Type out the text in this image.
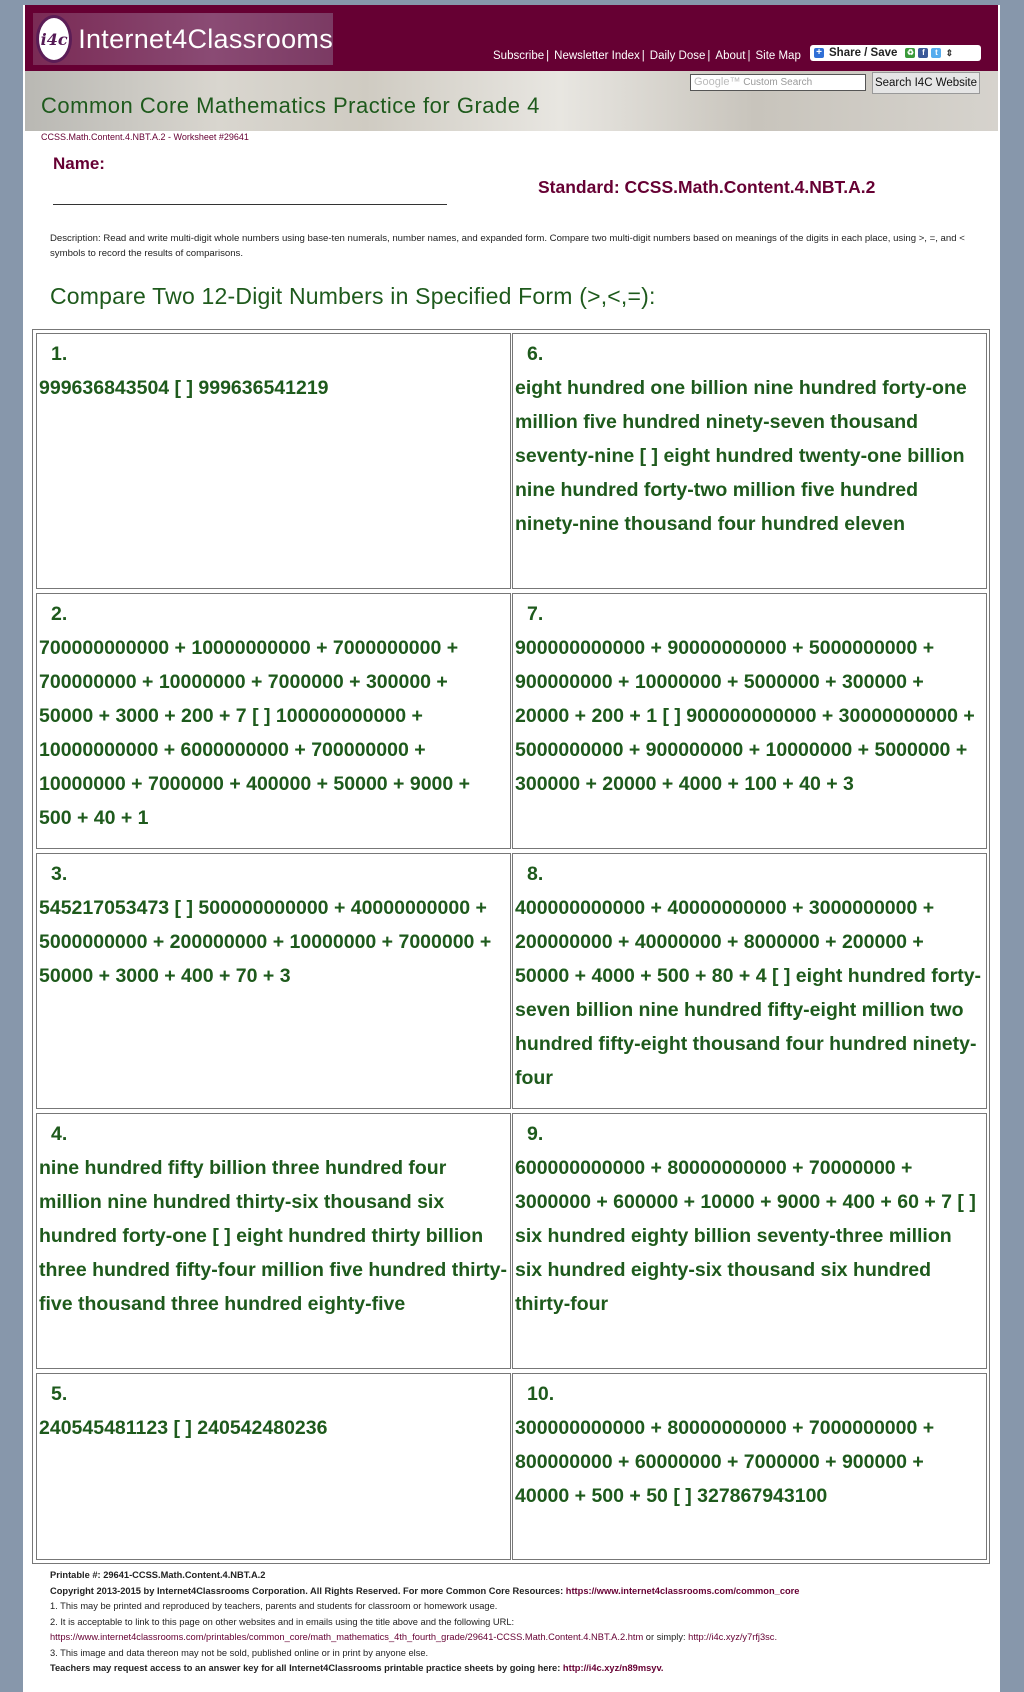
i4c Internet4Classrooms
Subscribe | Newsletter Index | Daily Dose | About | Site Map + Share / Save ♻	f	t ⇕
Common Core Mathematics Practice for Grade 4
Google™ Custom Search	Search I4C Website
CCSS.Math.Content.4.NBT.A.2 - Worksheet #29641
Name:
Standard: CCSS.Math.Content.4.NBT.A.2
Description: Read and write multi-digit whole numbers using base-ten numerals, number names, and expanded form. Compare two multi-digit numbers based on meanings of the digits in each place, using >, =, and < symbols to record the results of comparisons.
Compare Two 12-Digit Numbers in Specified Form (>,<,=):
1.
999636843504 [ ] 999636541219
6.
eight hundred one billion nine hundred forty-one million five hundred ninety-seven thousand seventy-nine [ ] eight hundred twenty-one billion nine hundred forty-two million five hundred ninety-nine thousand four hundred eleven
2.
700000000000 + 10000000000 + 7000000000 + 700000000 + 10000000 + 7000000 + 300000 + 50000 + 3000 + 200 + 7 [ ] 100000000000 + 10000000000 + 6000000000 + 700000000 + 10000000 + 7000000 + 400000 + 50000 + 9000 + 500 + 40 + 1
7.
900000000000 + 90000000000 + 5000000000 + 900000000 + 10000000 + 5000000 + 300000 + 20000 + 200 + 1 [ ] 900000000000 + 30000000000 + 5000000000 + 900000000 + 10000000 + 5000000 + 300000 + 20000 + 4000 + 100 + 40 + 3
3.
545217053473 [ ] 500000000000 + 40000000000 + 5000000000 + 200000000 + 10000000 + 7000000 + 50000 + 3000 + 400 + 70 + 3
8.
400000000000 + 40000000000 + 3000000000 + 200000000 + 40000000 + 8000000 + 200000 + 50000 + 4000 + 500 + 80 + 4 [ ] eight hundred forty-seven billion nine hundred fifty-eight million two hundred fifty-eight thousand four hundred ninety-four
4.
nine hundred fifty billion three hundred four million nine hundred thirty-six thousand six hundred forty-one [ ] eight hundred thirty billion three hundred fifty-four million five hundred thirty-five thousand three hundred eighty-five
9.
600000000000 + 80000000000 + 70000000 + 3000000 + 600000 + 10000 + 9000 + 400 + 60 + 7 [ ] six hundred eighty billion seventy-three million six hundred eighty-six thousand six hundred thirty-four
5.
240545481123 [ ] 240542480236
10.
300000000000 + 80000000000 + 7000000000 + 800000000 + 60000000 + 7000000 + 900000 + 40000 + 500 + 50 [ ] 327867943100
Printable #: 29641-CCSS.Math.Content.4.NBT.A.2
Copyright 2013-2015 by Internet4Classrooms Corporation. All Rights Reserved. For more Common Core Resources: https://www.internet4classrooms.com/common_core
1. This may be printed and reproduced by teachers, parents and students for classroom or homework usage.
2. It is acceptable to link to this page on other websites and in emails using the title above and the following URL:
https://www.internet4classrooms.com/printables/common_core/math_mathematics_4th_fourth_grade/29641-CCSS.Math.Content.4.NBT.A.2.htm or simply: http://i4c.xyz/y7rfj3sc.
3. This image and data thereon may not be sold, published online or in print by anyone else.
Teachers may request access to an answer key for all Internet4Classrooms printable practice sheets by going here: http://i4c.xyz/n89msyv.
